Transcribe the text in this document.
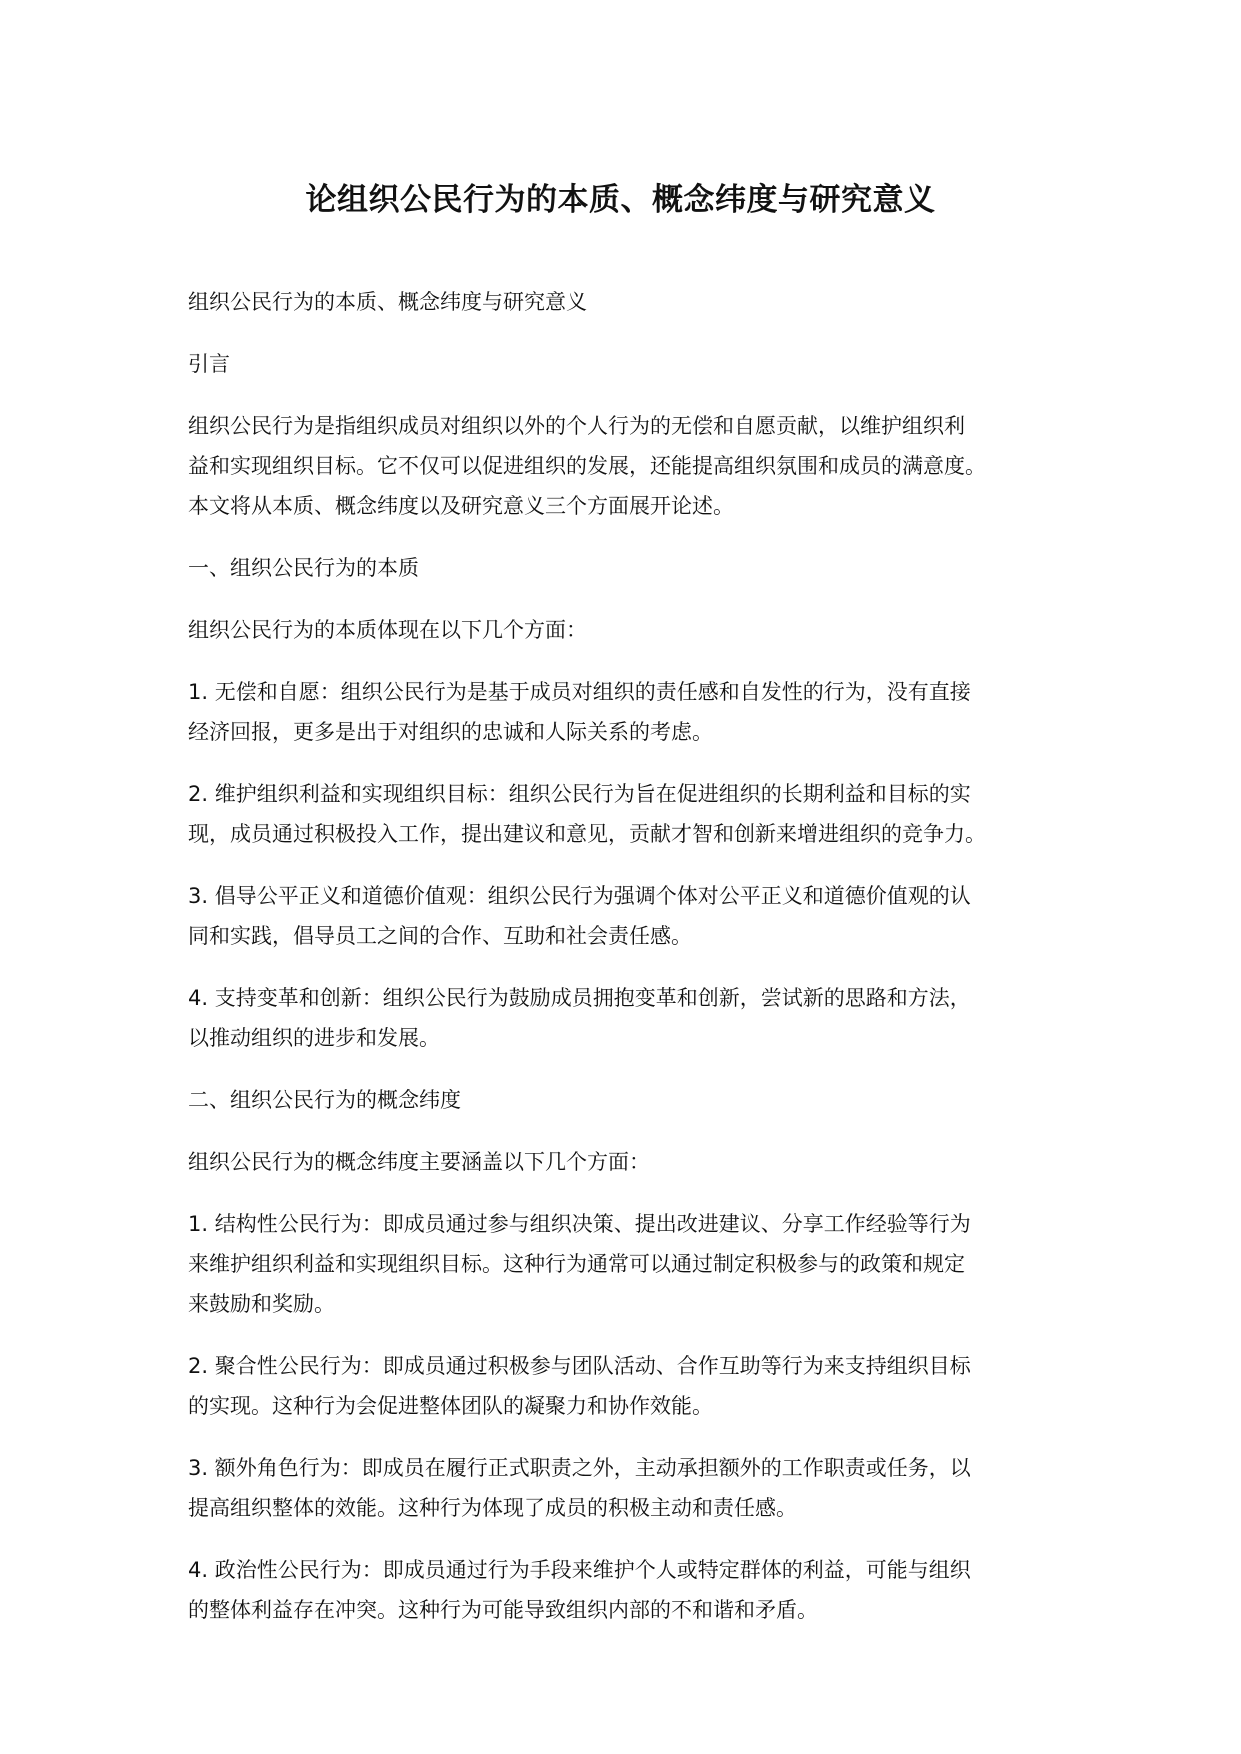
论组织公民行为的本质、概念纬度与研究意义

组织公民行为的本质、概念纬度与研究意义

引言

组织公民行为是指组织成员对组织以外的个人行为的无偿和自愿贡献，以维护组织利
益和实现组织目标。它不仅可以促进组织的发展，还能提高组织氛围和成员的满意度。
本文将从本质、概念纬度以及研究意义三个方面展开论述。

一、组织公民行为的本质

组织公民行为的本质体现在以下几个方面：

1. 无偿和自愿：组织公民行为是基于成员对组织的责任感和自发性的行为，没有直接
经济回报，更多是出于对组织的忠诚和人际关系的考虑。

2. 维护组织利益和实现组织目标：组织公民行为旨在促进组织的长期利益和目标的实
现，成员通过积极投入工作，提出建议和意见，贡献才智和创新来增进组织的竞争力。

3. 倡导公平正义和道德价值观：组织公民行为强调个体对公平正义和道德价值观的认
同和实践，倡导员工之间的合作、互助和社会责任感。

4. 支持变革和创新：组织公民行为鼓励成员拥抱变革和创新，尝试新的思路和方法，
以推动组织的进步和发展。

二、组织公民行为的概念纬度

组织公民行为的概念纬度主要涵盖以下几个方面：

1. 结构性公民行为：即成员通过参与组织决策、提出改进建议、分享工作经验等行为
来维护组织利益和实现组织目标。这种行为通常可以通过制定积极参与的政策和规定
来鼓励和奖励。

2. 聚合性公民行为：即成员通过积极参与团队活动、合作互助等行为来支持组织目标
的实现。这种行为会促进整体团队的凝聚力和协作效能。

3. 额外角色行为：即成员在履行正式职责之外，主动承担额外的工作职责或任务，以
提高组织整体的效能。这种行为体现了成员的积极主动和责任感。

4. 政治性公民行为：即成员通过行为手段来维护个人或特定群体的利益，可能与组织
的整体利益存在冲突。这种行为可能导致组织内部的不和谐和矛盾。
